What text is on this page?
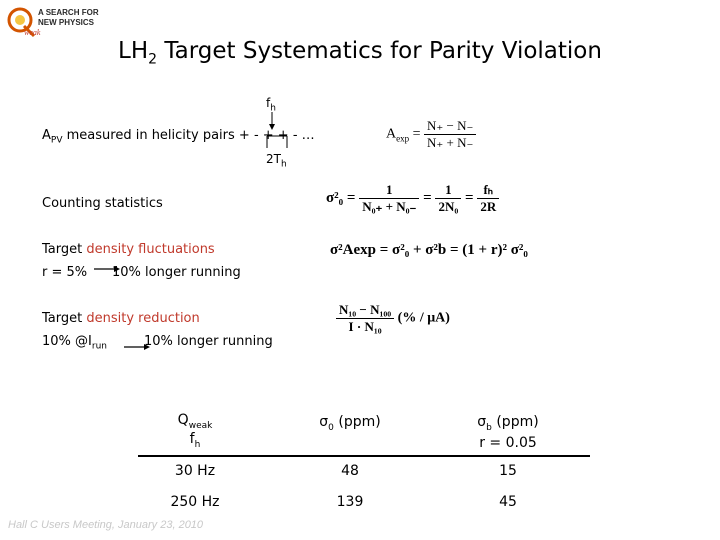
A SEARCH FOR
NEW PHYSICS
weak
$LH_2$ Target Systematics for Parity Violation
$f_h$
$A_{PV}$ measured in helicity pairs + - + + - …
$2T_h$
$A_{exp} = \frac{N_+ - N_-}{N_+ + N_-}$
Counting statistics	$\sigma^2_0 = \frac{1}{\text{N₀₊ + N₀₋}} = \frac{1}{\text{2N₀}} = \frac{\text{fₕ}}{2R}$
Target density fluctuations
r = 5% 10% longer running
σ²Aexp = σ²₀ + σ²b = (1 + r)² σ²₀
Target density reduction
10% $@I_{run}$	10% longer running
$\frac{\text{N₁₀ − N₁₀₀}}{\text{I · N₁₀}}$ (% / μA)
$Q_{weak}$
$f_h$
$\sigma_0$ (ppm)	$\sigma_b$ (ppm)
r = 0.05
30 Hz	48	15
250 Hz	139	45
Hall C Users Meeting, January 23, 2010
